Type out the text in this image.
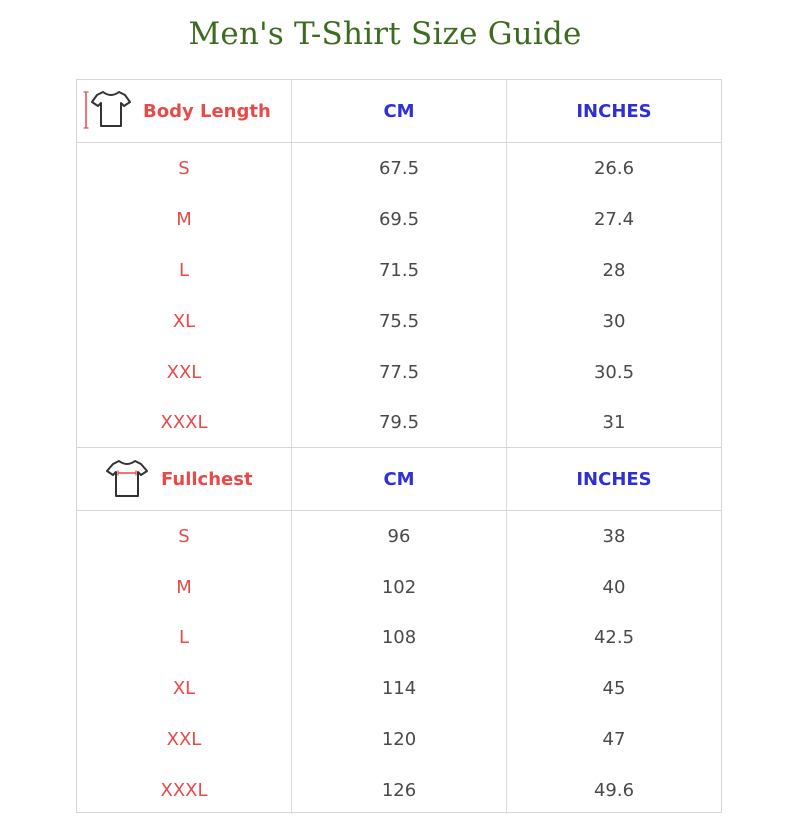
Men's T-Shirt Size Guide
Body Length	CM	INCHES
S	67.5	26.6
M	69.5	27.4
L	71.5	28
XL	75.5	30
XXL	77.5	30.5
XXXL	79.5	31
Fullchest	CM	INCHES
S	96	38
M	102	40
L	108	42.5
XL	114	45
XXL	120	47
XXXL	126	49.6
